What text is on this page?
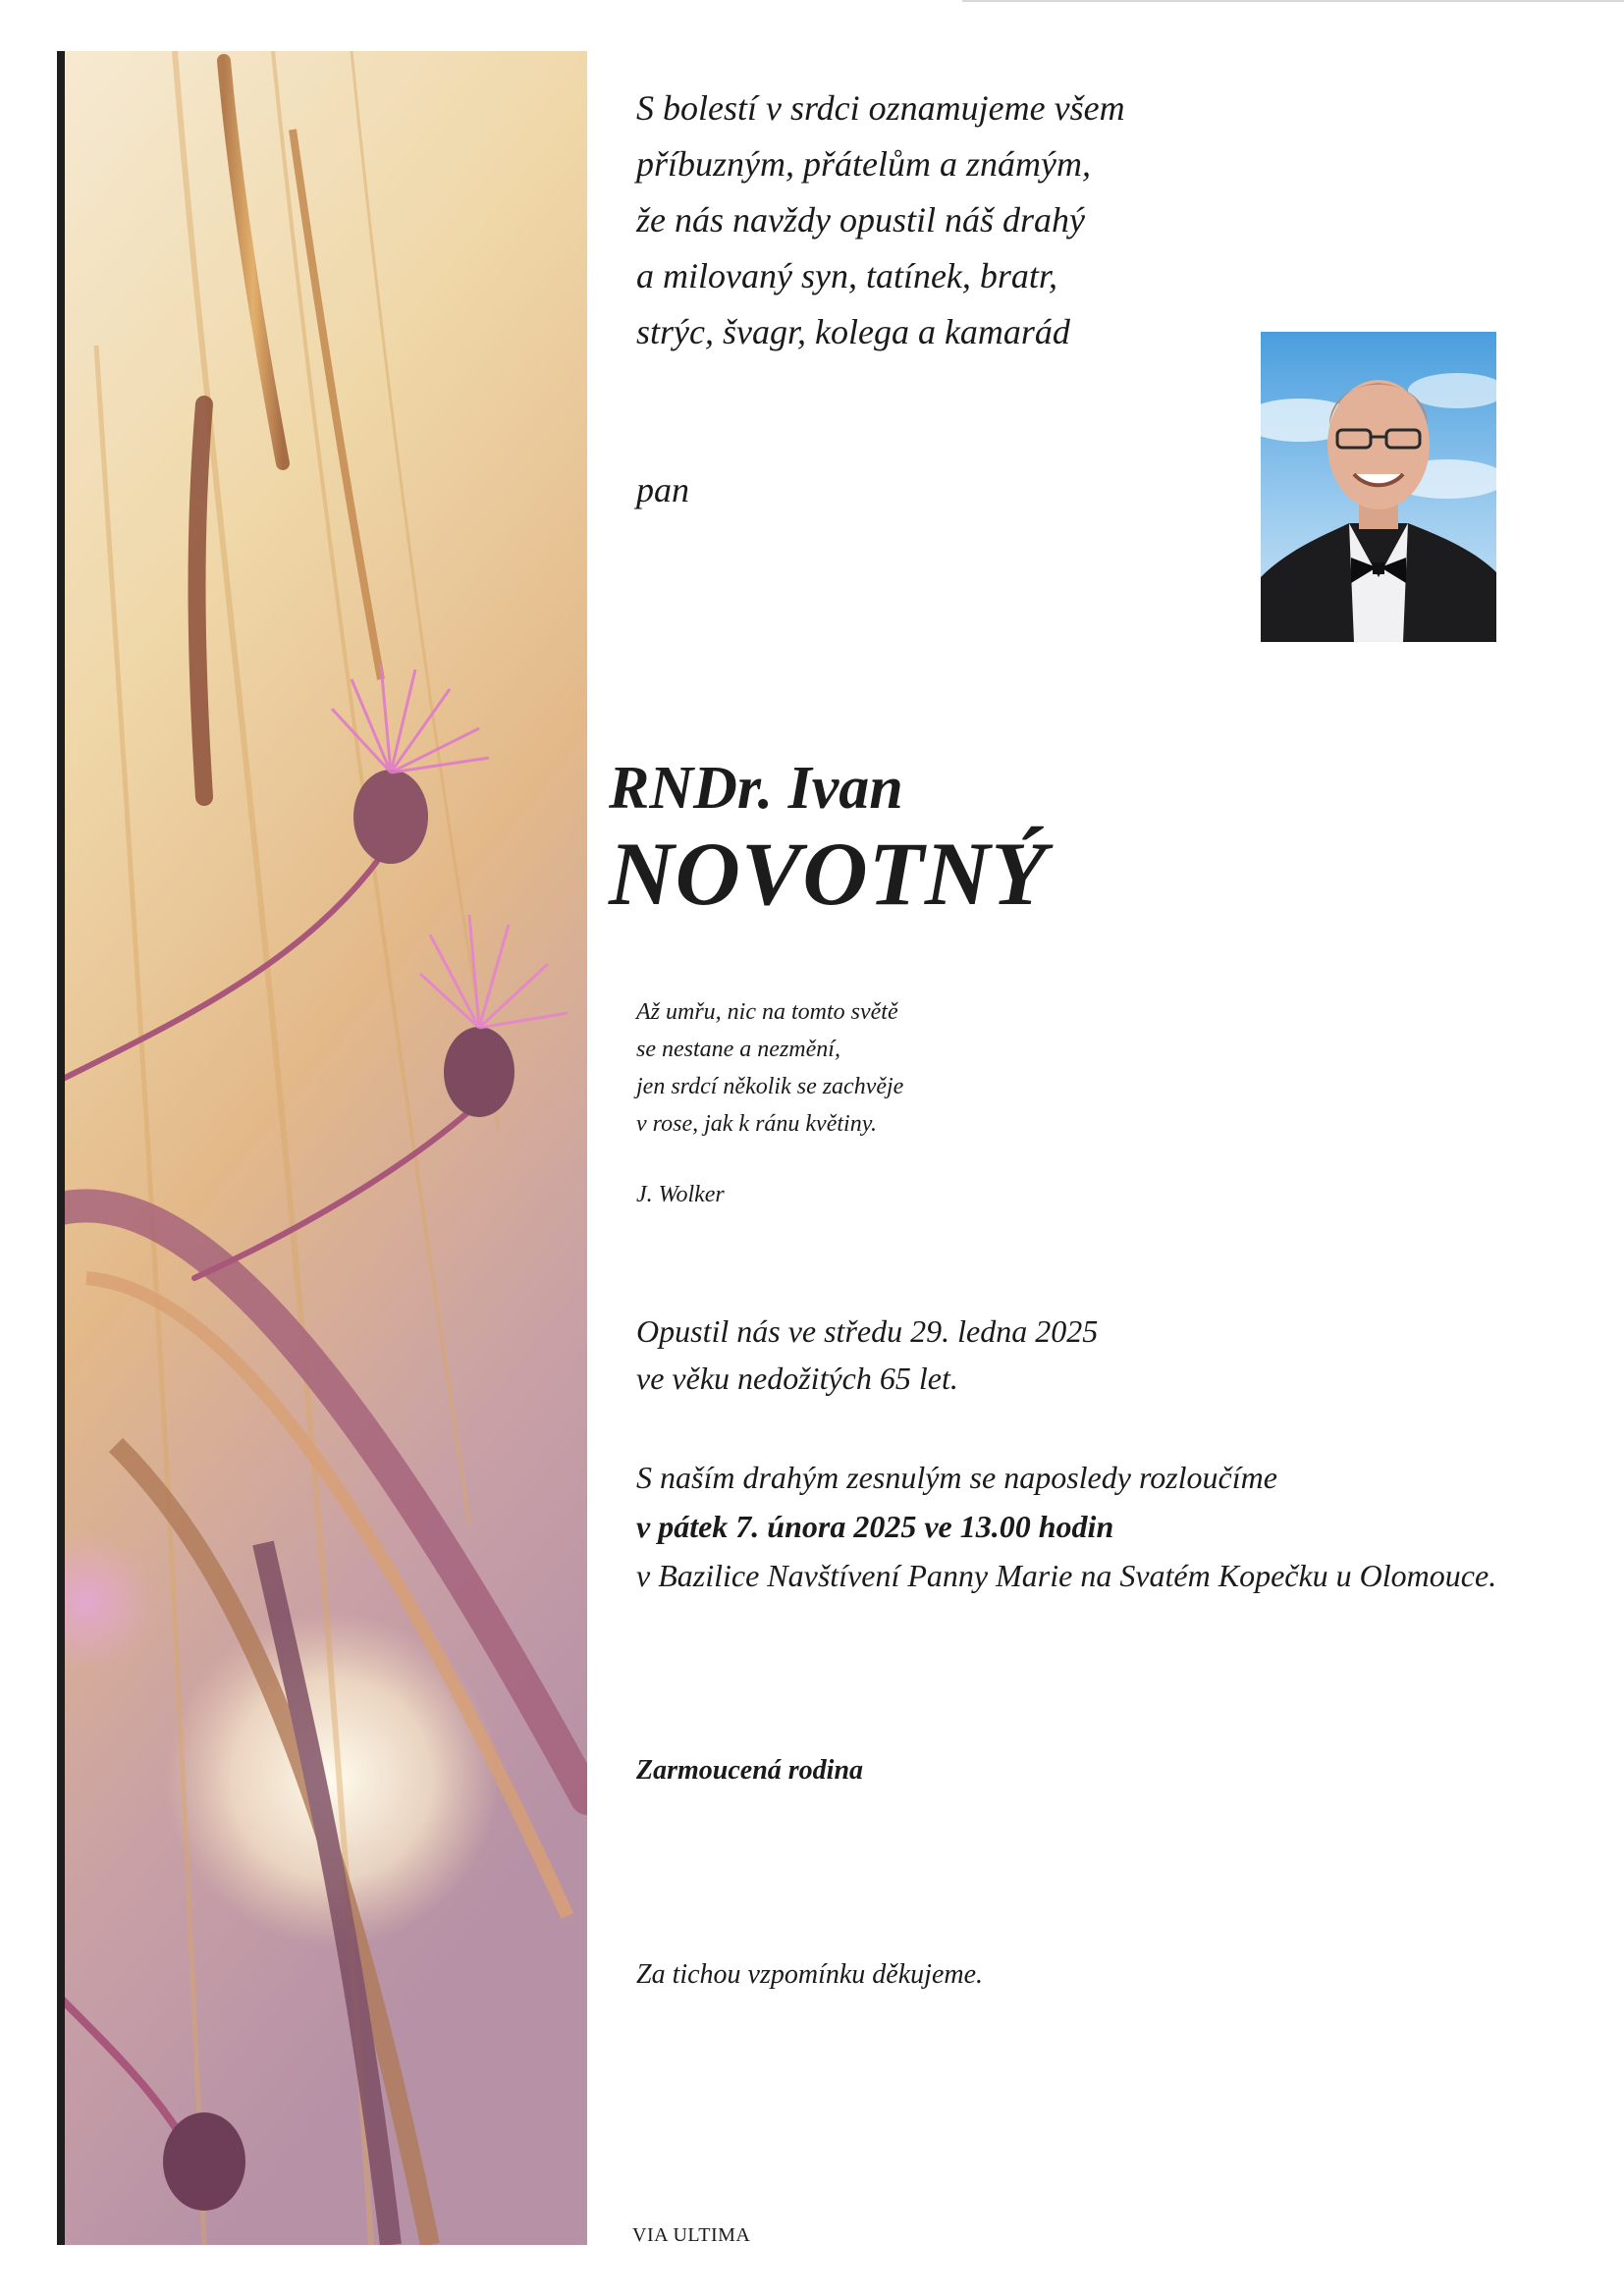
S bolestí v srdci oznamujeme všem
příbuzným, přátelům a známým,
že nás navždy opustil náš drahý
a milovaný syn, tatínek, bratr,
strýc, švagr, kolega a kamarád

pan

RNDr. Ivan
NOVOTNÝ

Až umřu, nic na tomto světě
se nestane a nezmění,
jen srdcí několik se zachvěje
v rose, jak k ránu květiny.

J. Wolker

Opustil nás ve středu 29. ledna 2025
ve věku nedožitých 65 let.

S naším drahým zesnulým se naposledy rozloučíme
v pátek 7. února 2025 ve 13.00 hodin
v Bazilice Navštívení Panny Marie na Svatém Kopečku u Olomouce.

Zarmoucená rodina

Za tichou vzpomínku děkujeme.

VIA ULTIMA
